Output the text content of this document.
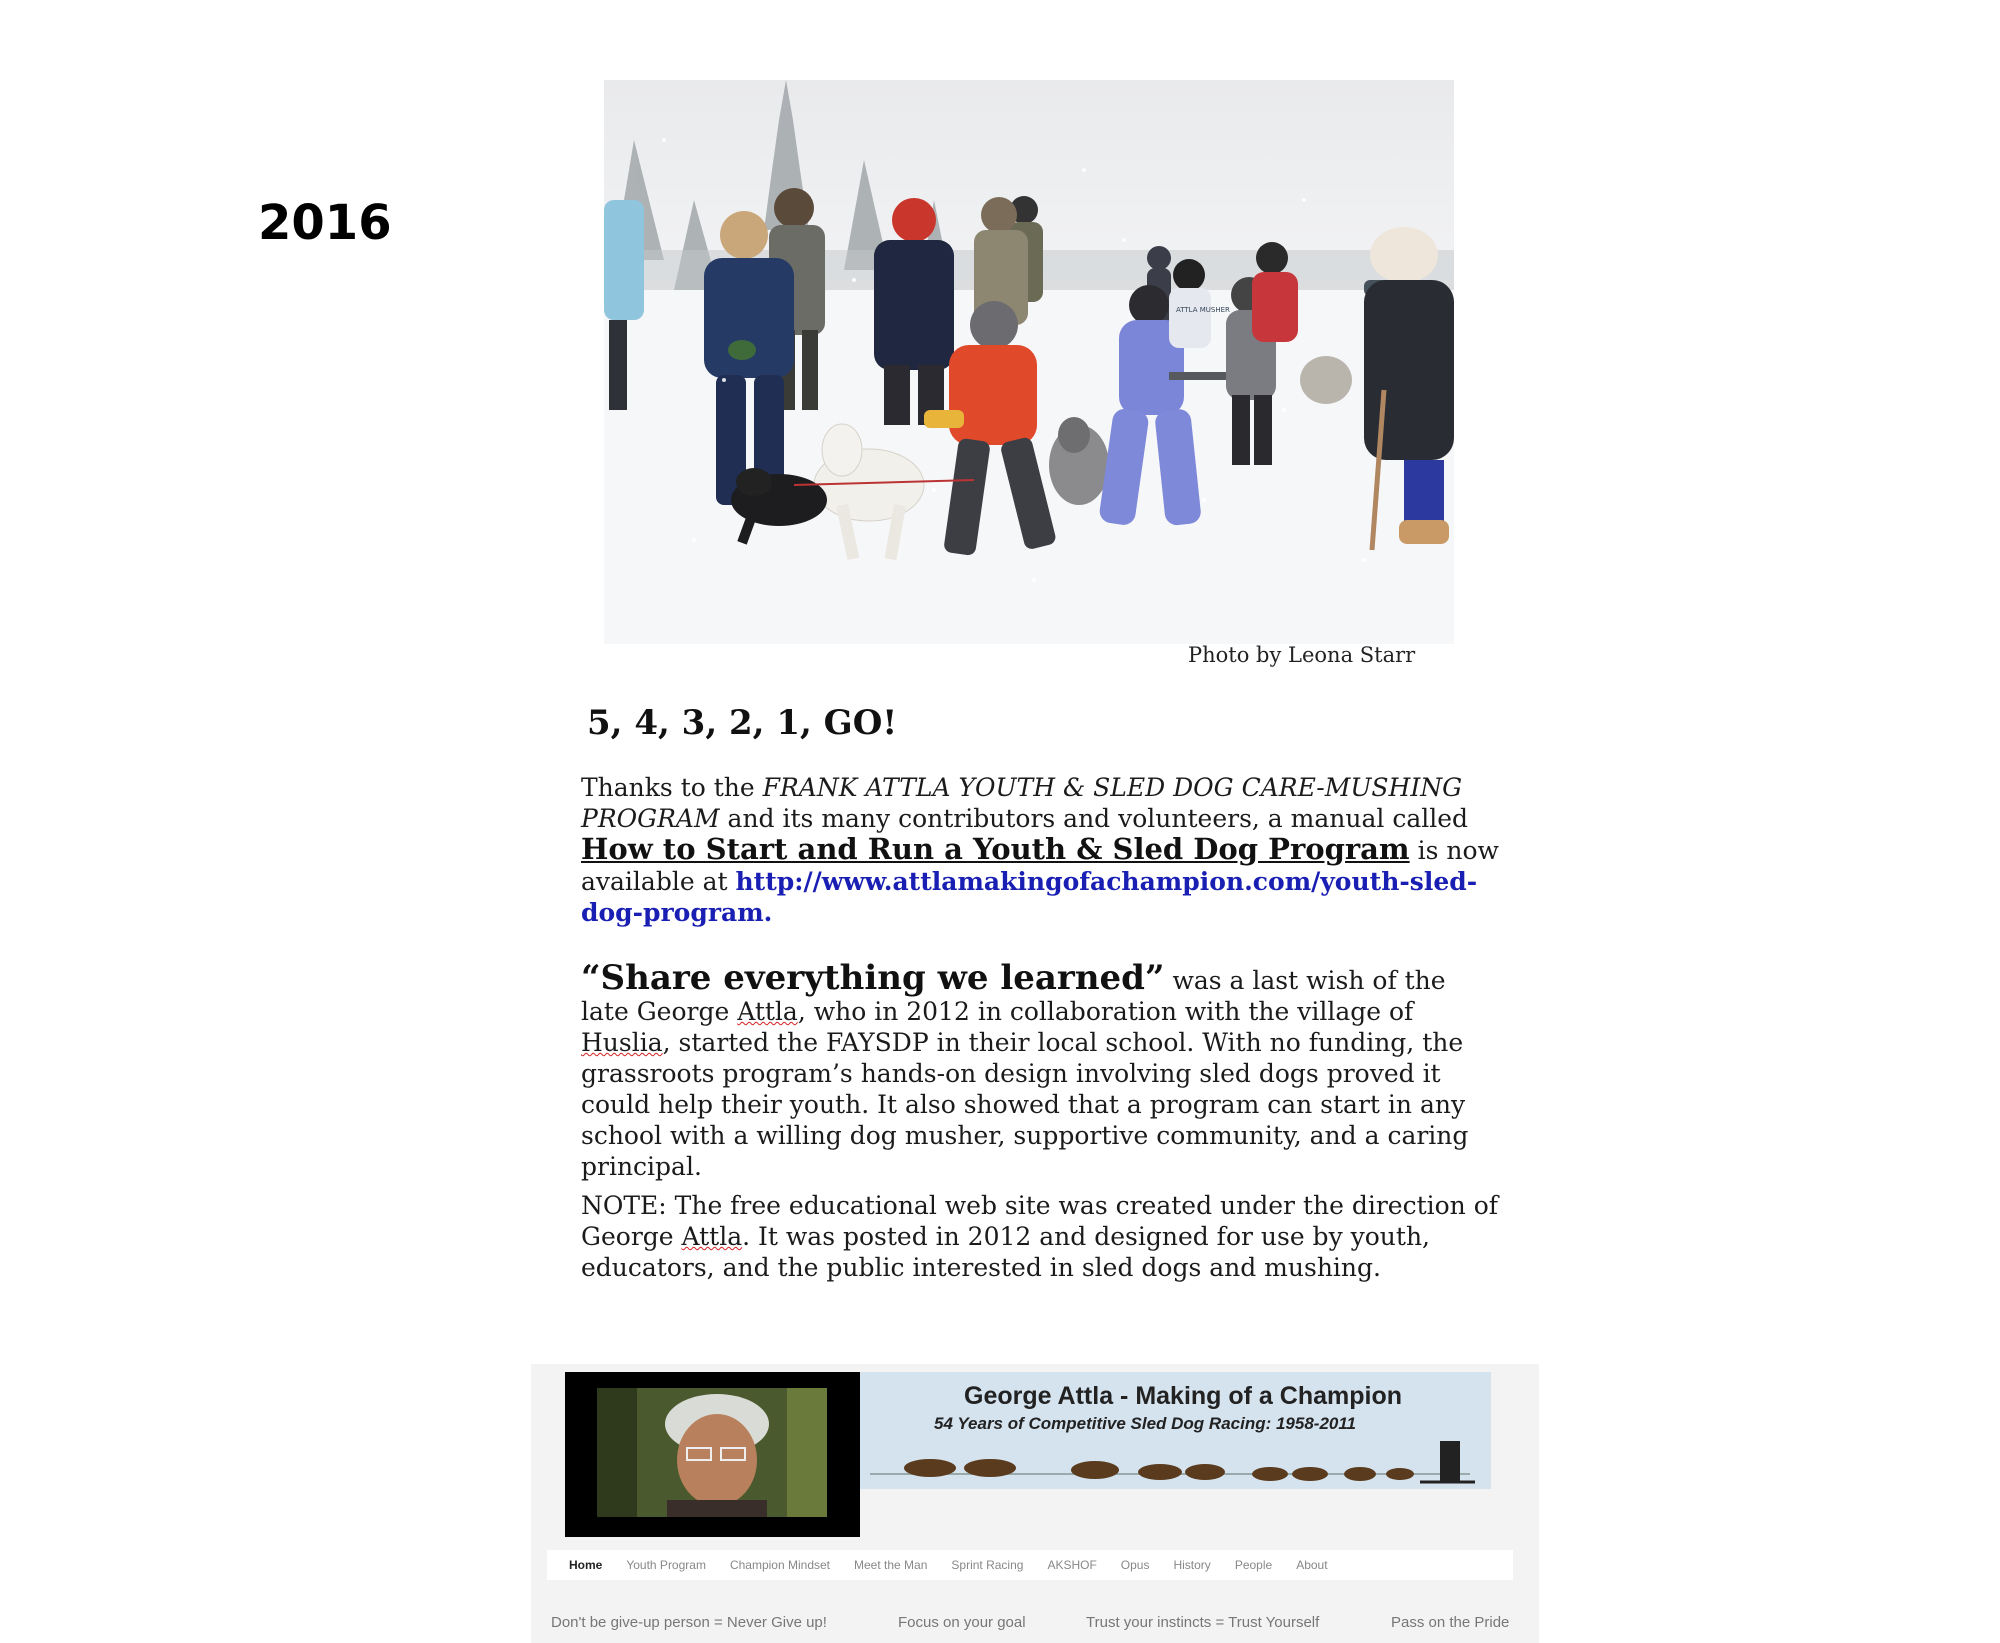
2016
ATTLA MUSHER
Photo by Leona Starr
5, 4, 3, 2, 1, GO!
Thanks to the FRANK ATTLA YOUTH & SLED DOG CARE-MUSHING PROGRAM and its many contributors and volunteers, a manual called How to Start and Run a Youth & Sled Dog Program is now available at http://www.attlamakingofachampion.com/youth-sled-dog-program.
“Share everything we learned” was a last wish of the late George Attla, who in 2012 in collaboration with the village of Huslia, started the FAYSDP in their local school. With no funding, the grassroots program’s hands-on design involving sled dogs proved it could help their youth. It also showed that a program can start in any school with a willing dog musher, supportive community, and a caring principal.
NOTE: The free educational web site was created under the direction of George Attla. It was posted in 2012 and designed for use by youth, educators, and the public interested in sled dogs and mushing.
George Attla - Making of a Champion
54 Years of Competitive Sled Dog Racing: 1958-2011
Home Youth Program Champion Mindset Meet the Man Sprint Racing AKSHOF Opus History People About
Don't be give-up person = Never Give up!	Focus on your goal	Trust your instincts = Trust Yourself	Pass on the Pride
